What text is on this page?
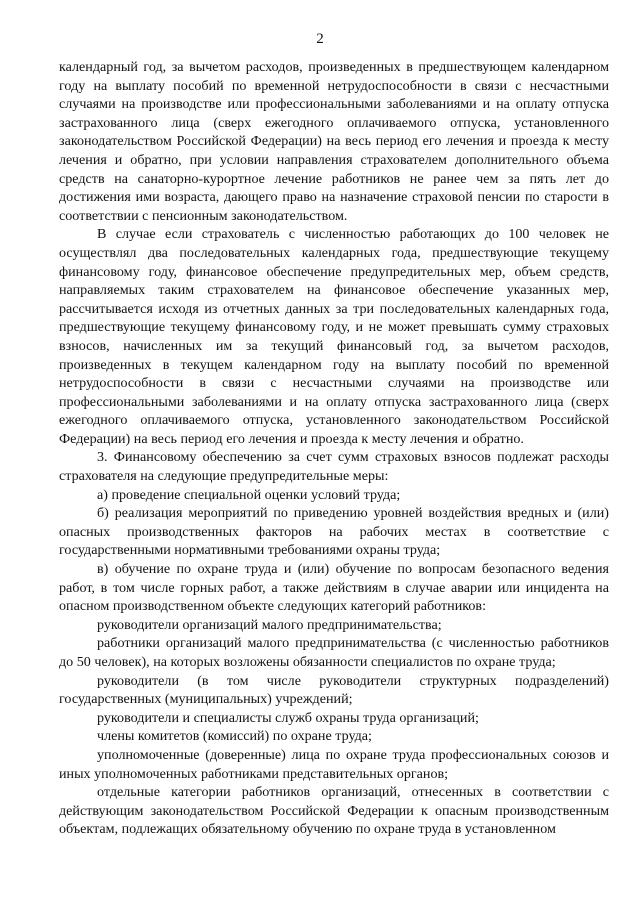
2

календарный год, за вычетом расходов, произведенных в предшествующем календарном году на выплату пособий по временной нетрудоспособности в связи с несчастными случаями на производстве или профессиональными заболеваниями и на оплату отпуска застрахованного лица (сверх ежегодного оплачиваемого отпуска, установленного законодательством Российской Федерации) на весь период его лечения и проезда к месту лечения и обратно, при условии направления страхователем дополнительного объема средств на санаторно-курортное лечение работников не ранее чем за пять лет до достижения ими возраста, дающего право на назначение страховой пенсии по старости в соответствии с пенсионным законодательством.

В случае если страхователь с численностью работающих до 100 человек не осуществлял два последовательных календарных года, предшествующие текущему финансовому году, финансовое обеспечение предупредительных мер, объем средств, направляемых таким страхователем на финансовое обеспечение указанных мер, рассчитывается исходя из отчетных данных за три последовательных календарных года, предшествующие текущему финансовому году, и не может превышать сумму страховых взносов, начисленных им за текущий финансовый год, за вычетом расходов, произведенных в текущем календарном году на выплату пособий по временной нетрудоспособности в связи с несчастными случаями на производстве или профессиональными заболеваниями и на оплату отпуска застрахованного лица (сверх ежегодного оплачиваемого отпуска, установленного законодательством Российской Федерации) на весь период его лечения и проезда к месту лечения и обратно.

3. Финансовому обеспечению за счет сумм страховых взносов подлежат расходы страхователя на следующие предупредительные меры:

а) проведение специальной оценки условий труда;

б) реализация мероприятий по приведению уровней воздействия вредных и (или) опасных производственных факторов на рабочих местах в соответствие с государственными нормативными требованиями охраны труда;

в) обучение по охране труда и (или) обучение по вопросам безопасного ведения работ, в том числе горных работ, а также действиям в случае аварии или инцидента на опасном производственном объекте следующих категорий работников:

руководители организаций малого предпринимательства;

работники организаций малого предпринимательства (с численностью работников до 50 человек), на которых возложены обязанности специалистов по охране труда;

руководители (в том числе руководители структурных подразделений) государственных (муниципальных) учреждений;

руководители и специалисты служб охраны труда организаций;

члены комитетов (комиссий) по охране труда;

уполномоченные (доверенные) лица по охране труда профессиональных союзов и иных уполномоченных работниками представительных органов;

отдельные категории работников организаций, отнесенных в соответствии с действующим законодательством Российской Федерации к опасным производственным объектам, подлежащих обязательному обучению по охране труда в установленном
